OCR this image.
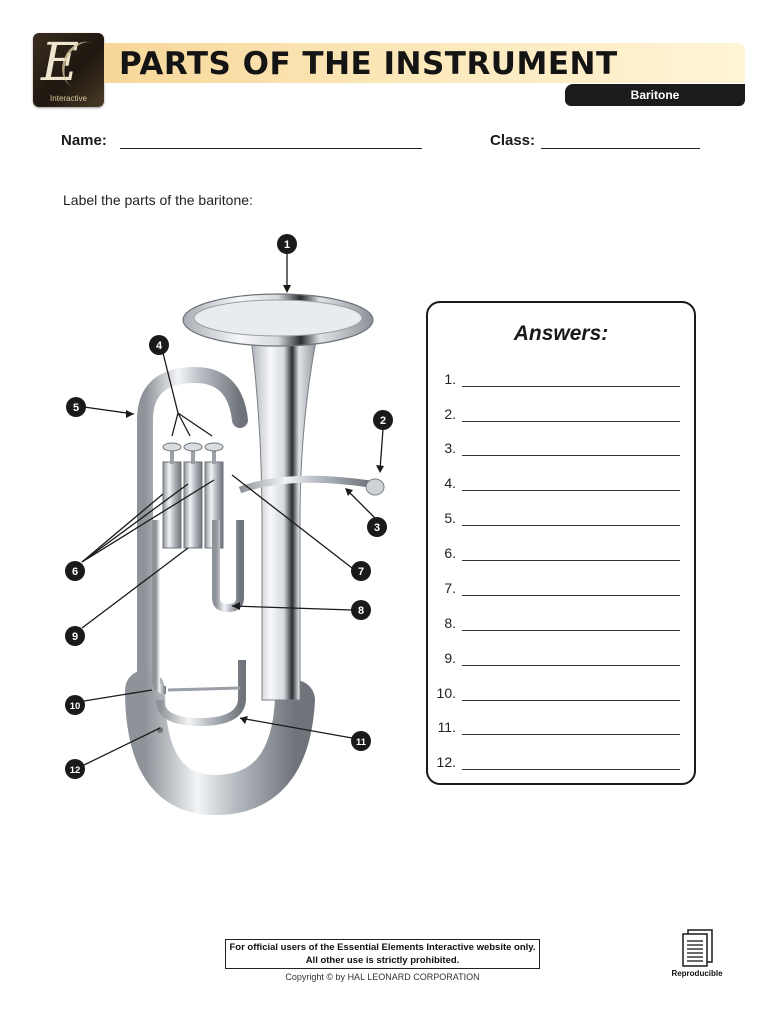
E
Interactive
PARTS OF THE INSTRUMENT
Baritone
Name:	Class:
Label the parts of the baritone:
1
2
3
4
5
6	7
8
9
10
11
12
Answers:
1.
2.
3.
4.
5.
6.
7.
8.
9.
10.
11.
12.
For official users of the Essential Elements Interactive website only.
All other use is strictly prohibited.
Copyright © by HAL LEONARD CORPORATION	Reproducible
